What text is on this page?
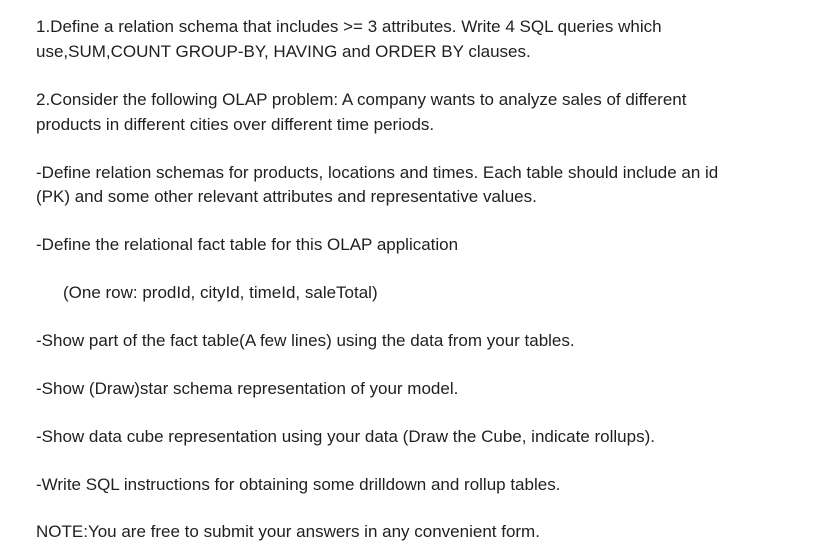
1.Define a relation schema that includes >= 3 attributes. Write 4 SQL queries which
use,SUM,COUNT GROUP-BY, HAVING and ORDER BY clauses.
2.Consider the following OLAP problem: A company wants to analyze sales of different
products in different cities over different time periods.
-Define relation schemas for products, locations and times. Each table should include an id
(PK) and some other relevant attributes and representative values.
-Define the relational fact table for this OLAP application
(One row: prodId, cityId, timeId, saleTotal)
-Show part of the fact table(A few lines) using the data from your tables.
-Show (Draw)star schema representation of your model.
-Show data cube representation using your data (Draw the Cube, indicate rollups).
-Write SQL instructions for obtaining some drilldown and rollup tables.
NOTE:You are free to submit your answers in any convenient form.
